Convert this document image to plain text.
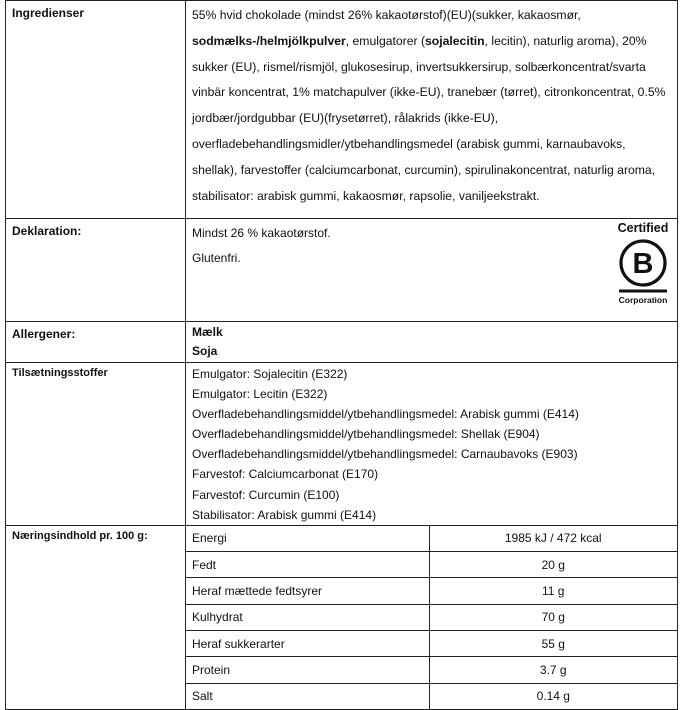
Ingredienser	55% hvid chokolade (mindst 26% kakaotørstof)(EU)(sukker, kakaosmør, sodmælks-/helmjölkpulver, emulgatorer (sojalecitin, lecitin), naturlig aroma), 20% sukker (EU), rismel/rismjöl, glukosesirup, invertsukkersirup, solbærkoncentrat/svarta vinbär koncentrat, 1% matchapulver (ikke-EU), tranebær (tørret), citronkoncentrat, 0.5% jordbær/jordgubbar (EU)(frysetørret), rålakrids (ikke-EU), overfladebehandlingsmidler/ytbehandlingsmedel (arabisk gummi, karnaubavoks, shellak), farvestoffer (calciumcarbonat, curcumin), spirulinakoncentrat, naturlig aroma, stabilisator: arabisk gummi, kakaosmør, rapsolie, vaniljeekstrakt.
Deklaration:	Mindst 26 % kakaotørstof.
Glutenfri.
Certified
B
Corporation

Allergener:	Mælk
Soja

Tilsætningsstoffer	Emulgator: Sojalecitin (E322)
Emulgator: Lecitin (E322)
Overfladebehandlingsmiddel/ytbehandlingsmedel: Arabisk gummi (E414)
Overfladebehandlingsmiddel/ytbehandlingsmedel: Shellak (E904)
Overfladebehandlingsmiddel/ytbehandlingsmedel: Carnaubavoks (E903)
Farvestof: Calciumcarbonat (E170)
Farvestof: Curcumin (E100)
Stabilisator: Arabisk gummi (E414)

Næringsindhold pr. 100 g:		Energi	1985 kJ / 472 kcal
Fedt	20 g
Heraf mættede fedtsyrer	11 g
Kulhydrat	70 g
Heraf sukkerarter	55 g
Protein	3.7 g
Salt	0.14 g
